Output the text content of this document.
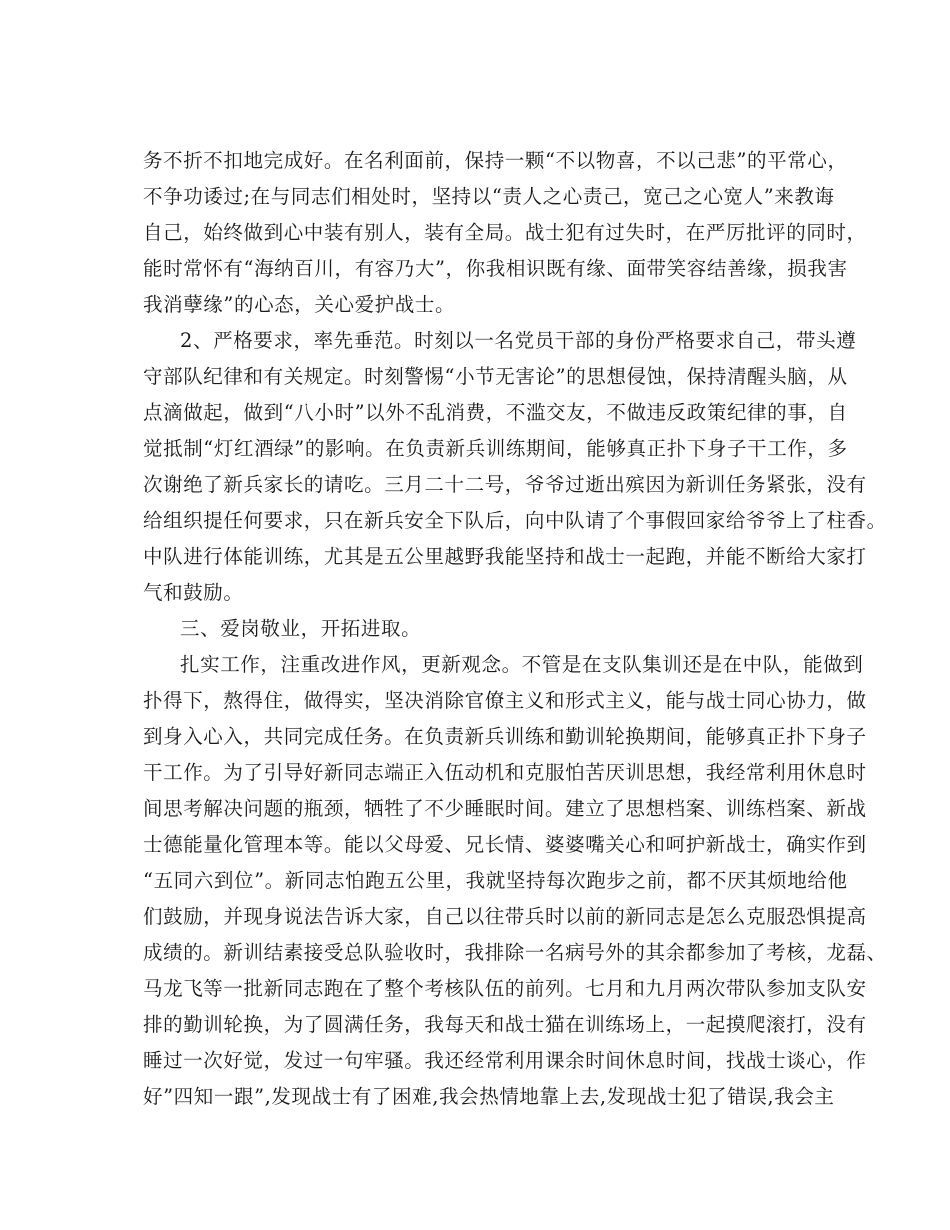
务不折不扣地完成好。在名利面前，保持一颗“不以物喜，不以己悲”的平常心，
不争功诿过;在与同志们相处时，坚持以“责人之心责己，宽己之心宽人”来教诲
自己，始终做到心中装有别人，装有全局。战士犯有过失时，在严厉批评的同时，
能时常怀有“海纳百川，有容乃大”，你我相识既有缘、面带笑容结善缘，损我害
我消孽缘”的心态，关心爱护战士。
2、严格要求，率先垂范。时刻以一名党员干部的身份严格要求自己，带头遵
守部队纪律和有关规定。时刻警惕“小节无害论”的思想侵蚀，保持清醒头脑，从
点滴做起，做到“八小时”以外不乱消费，不滥交友，不做违反政策纪律的事，自
觉抵制“灯红酒绿”的影响。在负责新兵训练期间，能够真正扑下身子干工作，多
次谢绝了新兵家长的请吃。三月二十二号，爷爷过逝出殡因为新训任务紧张，没有
给组织提任何要求，只在新兵安全下队后，向中队请了个事假回家给爷爷上了柱香。
中队进行体能训练，尤其是五公里越野我能坚持和战士一起跑，并能不断给大家打
气和鼓励。
三、爱岗敬业，开拓进取。
扎实工作，注重改进作风，更新观念。不管是在支队集训还是在中队，能做到
扑得下，熬得住，做得实，坚决消除官僚主义和形式主义，能与战士同心协力，做
到身入心入，共同完成任务。在负责新兵训练和勤训轮换期间，能够真正扑下身子
干工作。为了引导好新同志端正入伍动机和克服怕苦厌训思想，我经常利用休息时
间思考解决问题的瓶颈，牺牲了不少睡眠时间。建立了思想档案、训练档案、新战
士德能量化管理本等。能以父母爱、兄长情、婆婆嘴关心和呵护新战士，确实作到
“五同六到位”。新同志怕跑五公里，我就坚持每次跑步之前，都不厌其烦地给他
们鼓励，并现身说法告诉大家，自己以往带兵时以前的新同志是怎么克服恐惧提高
成绩的。新训结素接受总队验收时，我排除一名病号外的其余都参加了考核，龙磊、
马龙飞等一批新同志跑在了整个考核队伍的前列。七月和九月两次带队参加支队安
排的勤训轮换，为了圆满任务，我每天和战士猫在训练场上，一起摸爬滚打，没有
睡过一次好觉，发过一句牢骚。我还经常利用课余时间休息时间，找战士谈心，作
好”四知一跟”,发现战士有了困难,我会热情地靠上去,发现战士犯了错误,我会主
